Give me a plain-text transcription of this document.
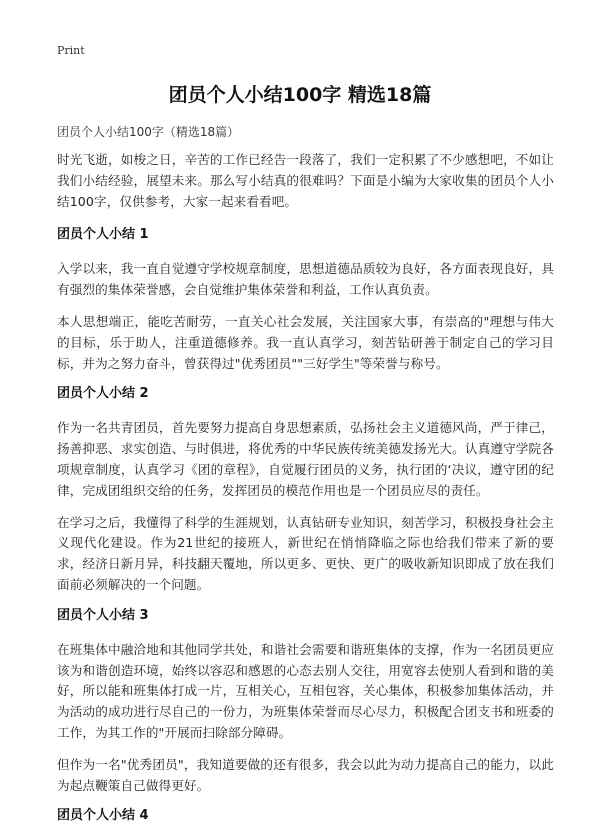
Print
团员个人小结100字 精选18篇
团员个人小结100字（精选18篇）

时光飞逝，如梭之日，辛苦的工作已经告一段落了，我们一定积累了不少感想吧，不如让我们小结经验，展望未来。那么写小结真的很难吗？下面是小编为大家收集的团员个人小结100字，仅供参考，大家一起来看看吧。

团员个人小结 1

入学以来，我一直自觉遵守学校规章制度，思想道德品质较为良好，各方面表现良好，具有强烈的集体荣誉感，会自觉维护集体荣誉和利益，工作认真负责。

本人思想端正，能吃苦耐劳，一直关心社会发展，关注国家大事，有崇高的"理想与伟大的目标，乐于助人，注重道德修养。我一直认真学习，刻苦钻研善于制定自己的学习目标，并为之努力奋斗，曾获得过"优秀团员""三好学生"等荣誉与称号。

团员个人小结 2

作为一名共青团员，首先要努力提高自身思想素质，弘扬社会主义道德风尚，严于律己，扬善抑恶、求实创造、与时俱进，将优秀的中华民族传统美德发扬光大。认真遵守学院各项规章制度，认真学习《团的章程》，自觉履行团员的义务，执行团的‘决议，遵守团的纪律，完成团组织交给的任务，发挥团员的模范作用也是一个团员应尽的责任。

在学习之后，我懂得了科学的生涯规划，认真钻研专业知识，刻苦学习，积极投身社会主义现代化建设。作为21世纪的接班人，新世纪在悄悄降临之际也给我们带来了新的要求，经济日新月异，科技翻天覆地，所以更多、更快、更广的吸收新知识即成了放在我们面前必须解决的一个问题。

团员个人小结 3

在班集体中融洽地和其他同学共处，和谐社会需要和谐班集体的支撑，作为一名团员更应该为和谐创造环境，始终以容忍和感恩的心态去别人交往，用宽容去使别人看到和谐的美好，所以能和班集体打成一片，互相关心，互相包容，关心集体，积极参加集体活动，并为活动的成功进行尽自己的一份力，为班集体荣誉而尽心尽力，积极配合团支书和班委的工作，为其工作的"开展而扫除部分障碍。

但作为一名"优秀团员"，我知道要做的还有很多，我会以此为动力提高自己的能力，以此为起点鞭策自己做得更好。

团员个人小结 4
